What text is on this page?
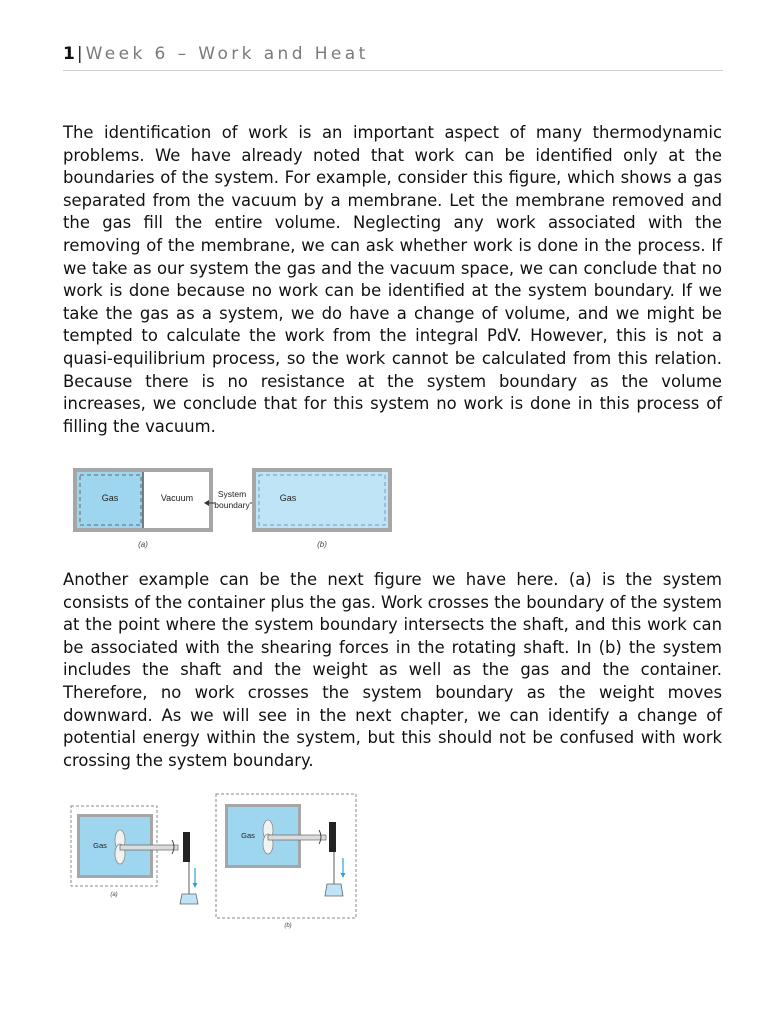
1 | Week 6 – Work and Heat

The identification of work is an important aspect of many thermodynamic problems. We have already noted that work can be identified only at the boundaries of the system. For example, consider this figure, which shows a gas separated from the vacuum by a membrane. Let the membrane removed and the gas fill the entire volume. Neglecting any work associated with the removing of the membrane, we can ask whether work is done in the process. If we take as our system the gas and the vacuum space, we can conclude that no work is done because no work can be identified at the system boundary. If we take the gas as a system, we do have a change of volume, and we might be tempted to calculate the work from the integral PdV. However, this is not a quasi-equilibrium process, so the work cannot be calculated from this relation. Because there is no resistance at the system boundary as the volume increases, we conclude that for this system no work is done in this process of filling the vacuum.

Gas	Vacuum	System
boundary
Gas
(a)	(b)

Another example can be the next figure we have here. (a) is the system consists of the container plus the gas. Work crosses the boundary of the system at the point where the system boundary intersects the shaft, and this work can be associated with the shearing forces in the rotating shaft. In (b) the system includes the shaft and the weight as well as the gas and the container. Therefore, no work crosses the system boundary as the weight moves downward. As we will see in the next chapter, we can identify a change of potential energy within the system, but this should not be confused with work crossing the system boundary.

Gas
Gas
(a)
(b)
